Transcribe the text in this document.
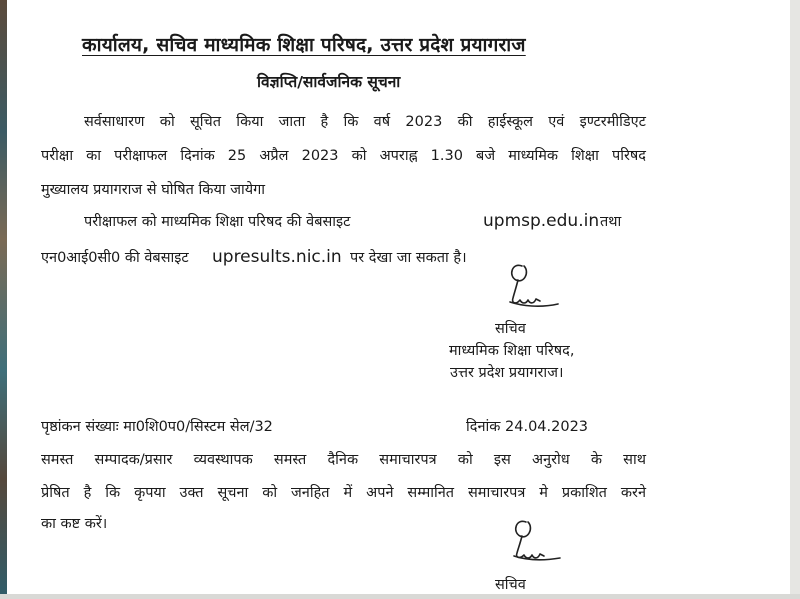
कार्यालय, सचिव माध्यमिक शिक्षा परिषद, उत्तर प्रदेश प्रयागराज
विज्ञप्ति/सार्वजनिक सूचना
सर्वसाधारण को सूचित किया जाता है कि वर्ष 2023 की हाईस्कूल एवं इण्टरमीडिएट
परीक्षा का परीक्षाफल दिनांक 25 अप्रैल 2023 को अपराह्न 1.30 बजे माध्यमिक शिक्षा परिषद
मुख्यालय प्रयागराज से घोषित किया जायेगा
परीक्षाफल को माध्यमिक शिक्षा परिषद की वेबसाइट	upmsp.edu.in तथा
एन0आई0सी0 की वेबसाइट upresults.nic.in पर देखा जा सकता है।
सचिव
माध्यमिक शिक्षा परिषद,
उत्तर प्रदेश प्रयागराज।
पृष्ठांकन संख्याः मा0शि0प0/सिस्टम सेल/32	दिनांक 24.04.2023
समस्त सम्पादक/प्रसार व्यवस्थापक समस्त दैनिक समाचारपत्र को इस अनुरोध के साथ
प्रेषित है कि कृपया उक्त सूचना को जनहित में अपने सम्मानित समाचारपत्र मे प्रकाशित करने
का कष्ट करें।
सचिव
